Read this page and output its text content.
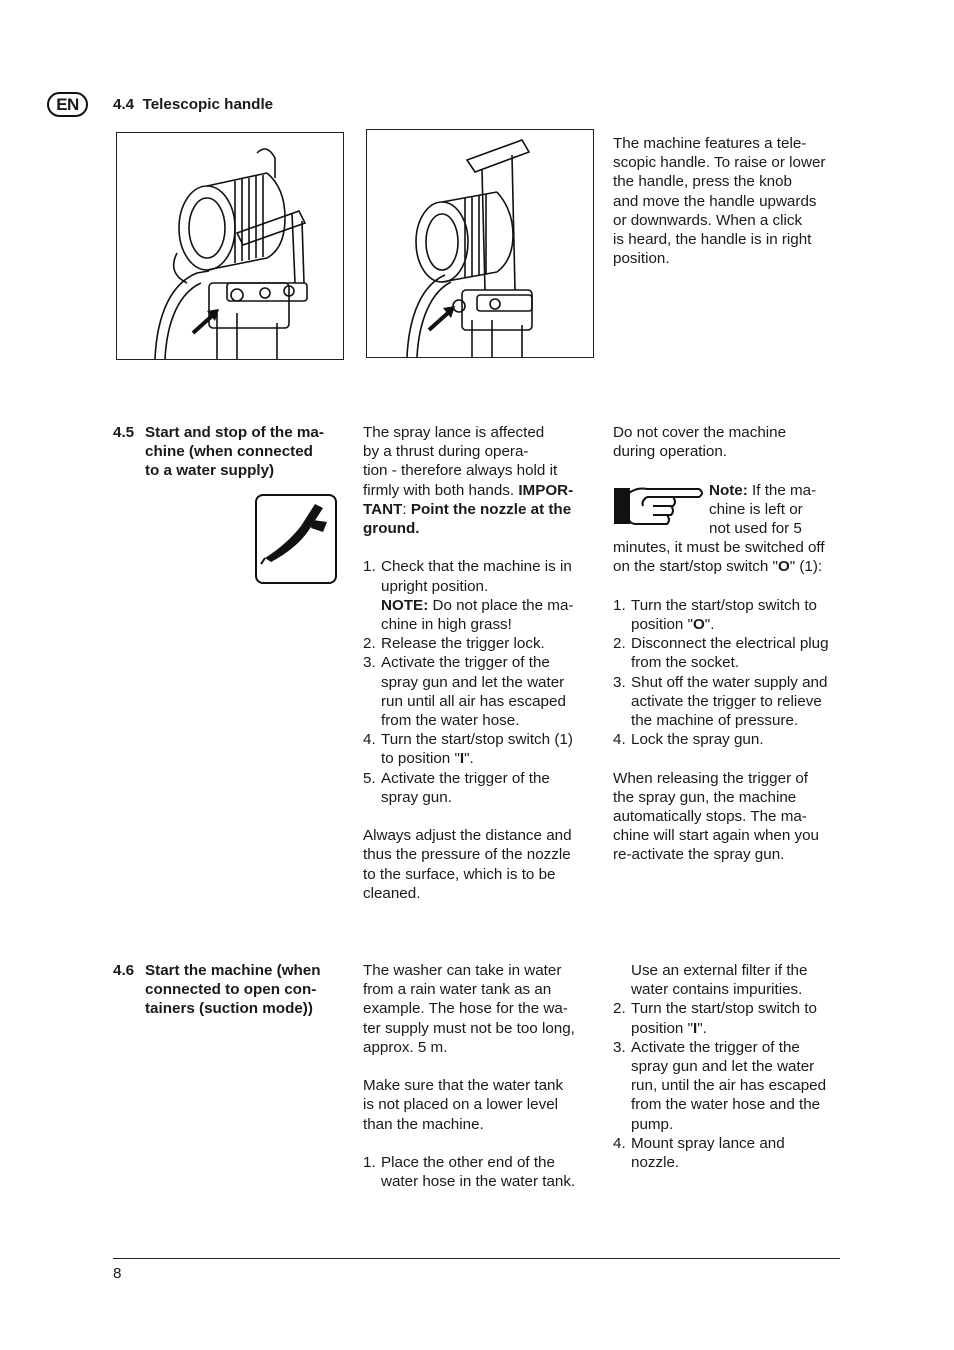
EN	4.4 Telescopic handle
The machine features a tele-
scopic handle. To raise or lower
the handle, press the knob
and move the handle upwards
or downwards. When a click
is heard, the handle is in right
position.
4.5 Start and stop of the ma-
chine (when connected
to a water supply)
The spray lance is affected
by a thrust during opera-
tion - therefore always hold it
firmly with both hands. IMPOR-
TANT: Point the nozzle at the
ground.
1. Check that the machine is in
upright position.
NOTE: Do not place the ma-
chine in high grass!
2. Release the trigger lock.
3. Activate the trigger of the
spray gun and let the water
run until all air has escaped
from the water hose.
4. Turn the start/stop switch (1)
to position "I".
5. Activate the trigger of the
spray gun.
Always adjust the distance and
thus the pressure of the nozzle
to the surface, which is to be
cleaned.
Do not cover the machine
during operation.
Note: If the ma-
chine is left or
not used for 5
minutes, it must be switched off
on the start/stop switch "O" (1):
1. Turn the start/stop switch to
position "O".
2. Disconnect the electrical plug
from the socket.
3. Shut off the water supply and
activate the trigger to relieve
the machine of pressure.
4. Lock the spray gun.
When releasing the trigger of
the spray gun, the machine
automatically stops. The ma-
chine will start again when you
re-activate the spray gun.
4.6 Start the machine (when
connected to open con-
tainers (suction mode))
The washer can take in water
from a rain water tank as an
example. The hose for the wa-
ter supply must not be too long,
approx. 5 m.
Make sure that the water tank
is not placed on a lower level
than the machine.
1. Place the other end of the
water hose in the water tank.
Use an external filter if the
water contains impurities.
2. Turn the start/stop switch to
position "I".
3. Activate the trigger of the
spray gun and let the water
run, until the air has escaped
from the water hose and the
pump.
4. Mount spray lance and
nozzle.
8
